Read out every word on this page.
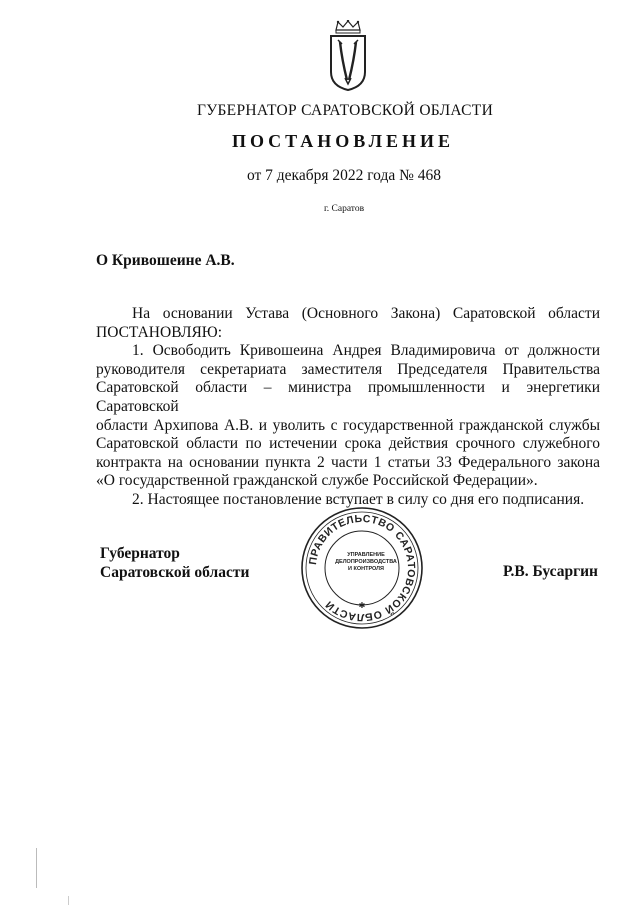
ГУБЕРНАТОР САРАТОВСКОЙ ОБЛАСТИ
ПОСТАНОВЛЕНИЕ
от 7 декабря 2022 года № 468
г. Саратов
О Кривошеине А.В.
На основании Устава (Основного Закона) Саратовской области
ПОСТАНОВЛЯЮ:
1. Освободить Кривошеина Андрея Владимировича от должности
руководителя секретариата заместителя Председателя Правительства
Саратовской области – министра промышленности и энергетики Саратовской
области Архипова А.В. и уволить с государственной гражданской службы
Саратовской области по истечении срока действия срочного служебного
контракта на основании пункта 2 части 1 статьи 33 Федерального закона
«О государственной гражданской службе Российской Федерации».
2. Настоящее постановление вступает в силу со дня его подписания.
Губернатор
Саратовской области
ПРАВИТЕЛЬСТВО САРАТОВСКОЙ ОБЛАСТИ	✱
УПРАВЛЕНИЕ
ДЕЛОПРОИЗВОДСТВА
И КОНТРОЛЯ	Р.В. Бусаргин
